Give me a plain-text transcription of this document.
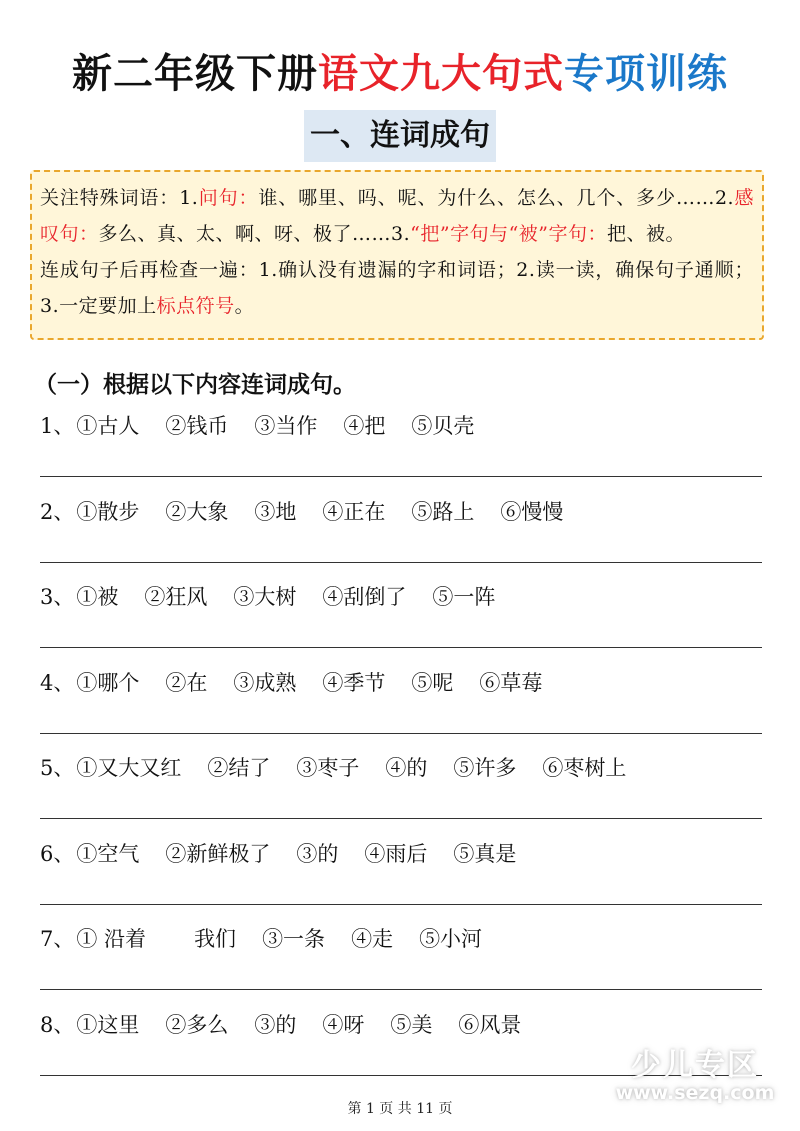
新二年级下册语文九大句式专项训练
一、连词成句

关注特殊词语：1.问句：谁、哪里、吗、呢、为什么、怎么、几个、多少……2.感叹句：多么、真、太、啊、呀、极了……3.“把”字句与“被”字句：把、被。

连成句子后再检查一遍：1.确认没有遗漏的字和词语；2.读一读，确保句子通顺；3.一定要加上标点符号。

（一）根据以下内容连词成句。
1、①古人 ②钱币 ③当作 ④把 ⑤贝壳
2、①散步 ②大象 ③地 ④正在 ⑤路上 ⑥慢慢
3、①被 ②狂风 ③大树 ④刮倒了 ⑤一阵
4、①哪个 ②在 ③成熟 ④季节 ⑤呢 ⑥草莓
5、①又大又红 ②结了 ③枣子 ④的 ⑤许多 ⑥枣树上
6、①空气 ②新鲜极了 ③的 ④雨后 ⑤真是
7、① 沿着 我们 ③一条 ④走 ⑤小河
8、①这里 ②多么 ③的 ④呀 ⑤美 ⑥风景
第 1 页 共 11 页
少儿专区
www.sezq.com
